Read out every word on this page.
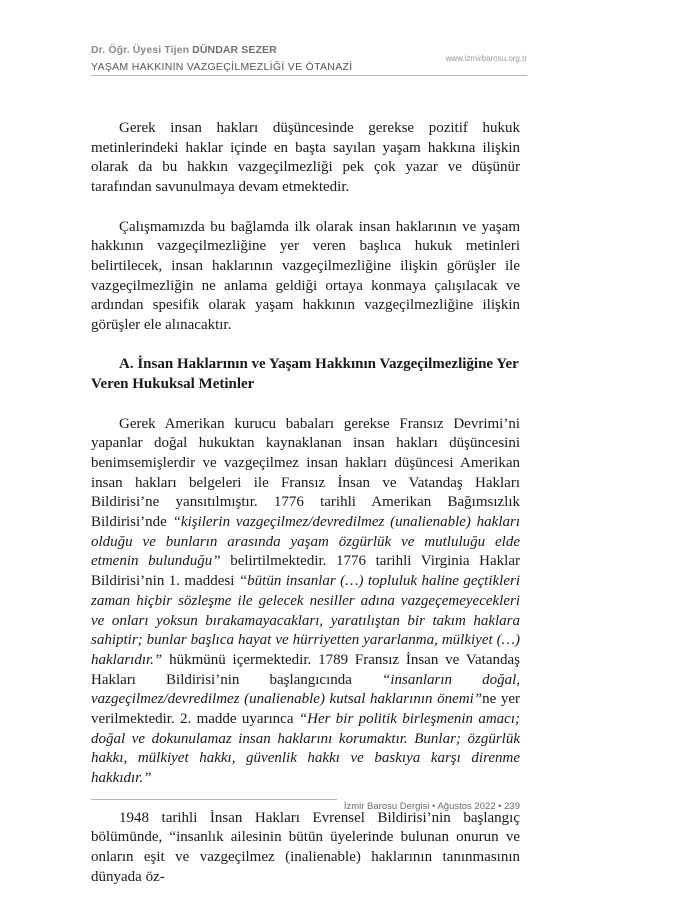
Dr. Öğr. Üyesi Tijen DÜNDAR SEZER
YAŞAM HAKKININ VAZGEÇİLMEZLİĞİ VE ÖTANAZİ
www.izmirbarosu.org.tr

Gerek insan hakları düşüncesinde gerekse pozitif hukuk metinlerindeki haklar içinde en başta sayılan yaşam hakkına ilişkin olarak da bu hakkın vazgeçilmezliği pek çok yazar ve düşünür tarafından savunulmaya devam etmektedir.

Çalışmamızda bu bağlamda ilk olarak insan haklarının ve yaşam hakkının vazgeçilmezliğine yer veren başlıca hukuk metinleri belirtilecek, insan haklarının vazgeçilmezliğine ilişkin görüşler ile vazgeçilmezliğin ne anlama geldiği ortaya konmaya çalışılacak ve ardından spesifik olarak yaşam hakkının vazgeçilmezliğine ilişkin görüşler ele alınacaktır.

A. İnsan Haklarının ve Yaşam Hakkının Vazgeçilmezliğine Yer Veren Hukuksal Metinler

Gerek Amerikan kurucu babaları gerekse Fransız Devrimi’ni yapanlar doğal hukuktan kaynaklanan insan hakları düşüncesini benimsemişlerdir ve vazgeçilmez insan hakları düşüncesi Amerikan insan hakları belgeleri ile Fransız İnsan ve Vatandaş Hakları Bildirisi’ne yansıtılmıştır. 1776 tarihli Amerikan Bağımsızlık Bildirisi’nde “kişilerin vazgeçilmez/devredilmez (unalienable) hakları olduğu ve bunların arasında yaşam özgürlük ve mutluluğu elde etmenin bulunduğu” belirtilmektedir. 1776 tarihli Virginia Haklar Bildirisi’nin 1. maddesi “bütün insanlar (…) topluluk haline geçtikleri zaman hiçbir sözleşme ile gelecek nesiller adına vazgeçemeyecekleri ve onları yoksun bırakamayacakları, yaratılıştan bir takım haklara sahiptir; bunlar başlıca hayat ve hürriyetten yararlanma, mülkiyet (…) haklarıdır.” hükmünü içermektedir. 1789 Fransız İnsan ve Vatandaş Hakları Bildirisi’nin başlangıcında “insanların doğal, vazgeçilmez/devredilmez (unalienable) kutsal haklarının önemi”ne yer verilmektedir. 2. madde uyarınca “Her bir politik birleşmenin amacı; doğal ve dokunulamaz insan haklarını korumaktır. Bunlar; özgürlük hakkı, mülkiyet hakkı, güvenlik hakkı ve baskıya karşı direnme hakkıdır.”

1948 tarihli İnsan Hakları Evrensel Bildirisi’nin başlangıç bölümünde, “insanlık ailesinin bütün üyelerinde bulunan onurun ve onların eşit ve vazgeçilmez (inalienable) haklarının tanınmasının dünyada öz-

İzmir Barosu Dergisi • Ağustos 2022 • 239
